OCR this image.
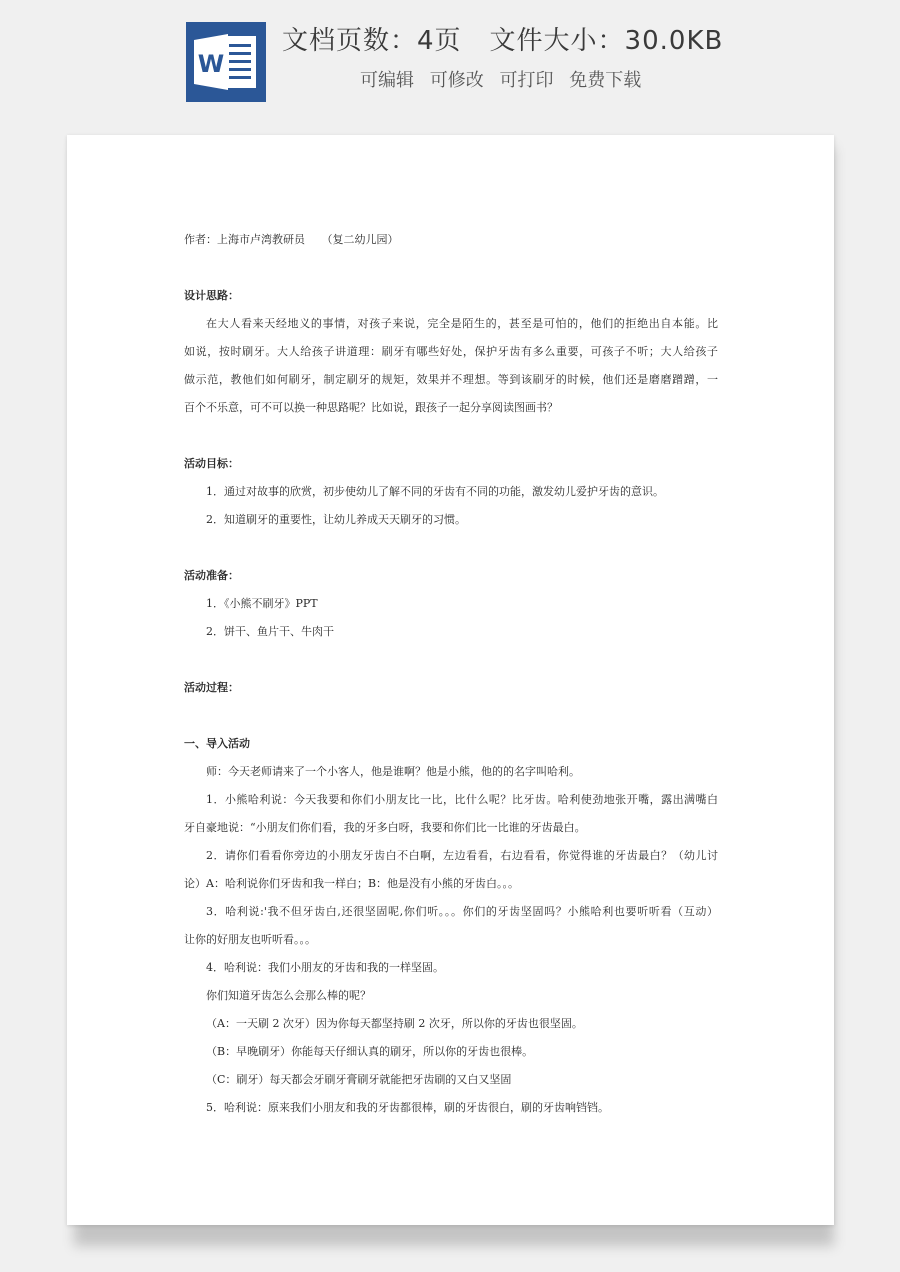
W
文档页数：4页 文件大小：30.0KB
可编辑 可修改 可打印 免费下载
作者：上海市卢湾教研员　　（复二幼儿园）
设计思路：
在大人看来天经地义的事情，对孩子来说，完全是陌生的，甚至是可怕的，他们的拒绝出自本能。比
如说，按时刷牙。大人给孩子讲道理：刷牙有哪些好处，保护牙齿有多么重要，可孩子不听；大人给孩子
做示范，教他们如何刷牙，制定刷牙的规矩，效果并不理想。等到该刷牙的时候，他们还是磨磨蹭蹭，一
百个不乐意，可不可以换一种思路呢？比如说，跟孩子一起分享阅读图画书？
活动目标：
1．通过对故事的欣赏，初步使幼儿了解不同的牙齿有不同的功能，激发幼儿爱护牙齿的意识。
2．知道刷牙的重要性，让幼儿养成天天刷牙的习惯。
活动准备：
1．《小熊不刷牙》PPT
2．饼干、鱼片干、牛肉干
活动过程：
一、导入活动
师：今天老师请来了一个小客人，他是谁啊？他是小熊，他的的名字叫哈利。
1．小熊哈利说：今天我要和你们小朋友比一比，比什么呢？比牙齿。哈利使劲地张开嘴，露出满嘴白
牙自豪地说：“小朋友们你们看，我的牙多白呀，我要和你们比一比谁的牙齿最白。
2．请你们看看你旁边的小朋友牙齿白不白啊，左边看看，右边看看，你觉得谁的牙齿最白？（幼儿讨
论）A：哈利说你们牙齿和我一样白；B：他是没有小熊的牙齿白。。。
3．哈利说:'我不但牙齿白,还很坚固呢,你们听。。。你们的牙齿坚固吗？小熊哈利也要听听看（互动）
让你的好朋友也听听看。。。
4．哈利说：我们小朋友的牙齿和我的一样坚固。
你们知道牙齿怎么会那么棒的呢？
（A：一天刷 2 次牙）因为你每天都坚持刷 2 次牙，所以你的牙齿也很坚固。
（B：早晚刷牙）你能每天仔细认真的刷牙，所以你的牙齿也很棒。
（C：刷牙）每天都会牙刷牙膏刷牙就能把牙齿刷的又白又坚固
5．哈利说：原来我们小朋友和我的牙齿都很棒，刷的牙齿很白，刷的牙齿响铛铛。
